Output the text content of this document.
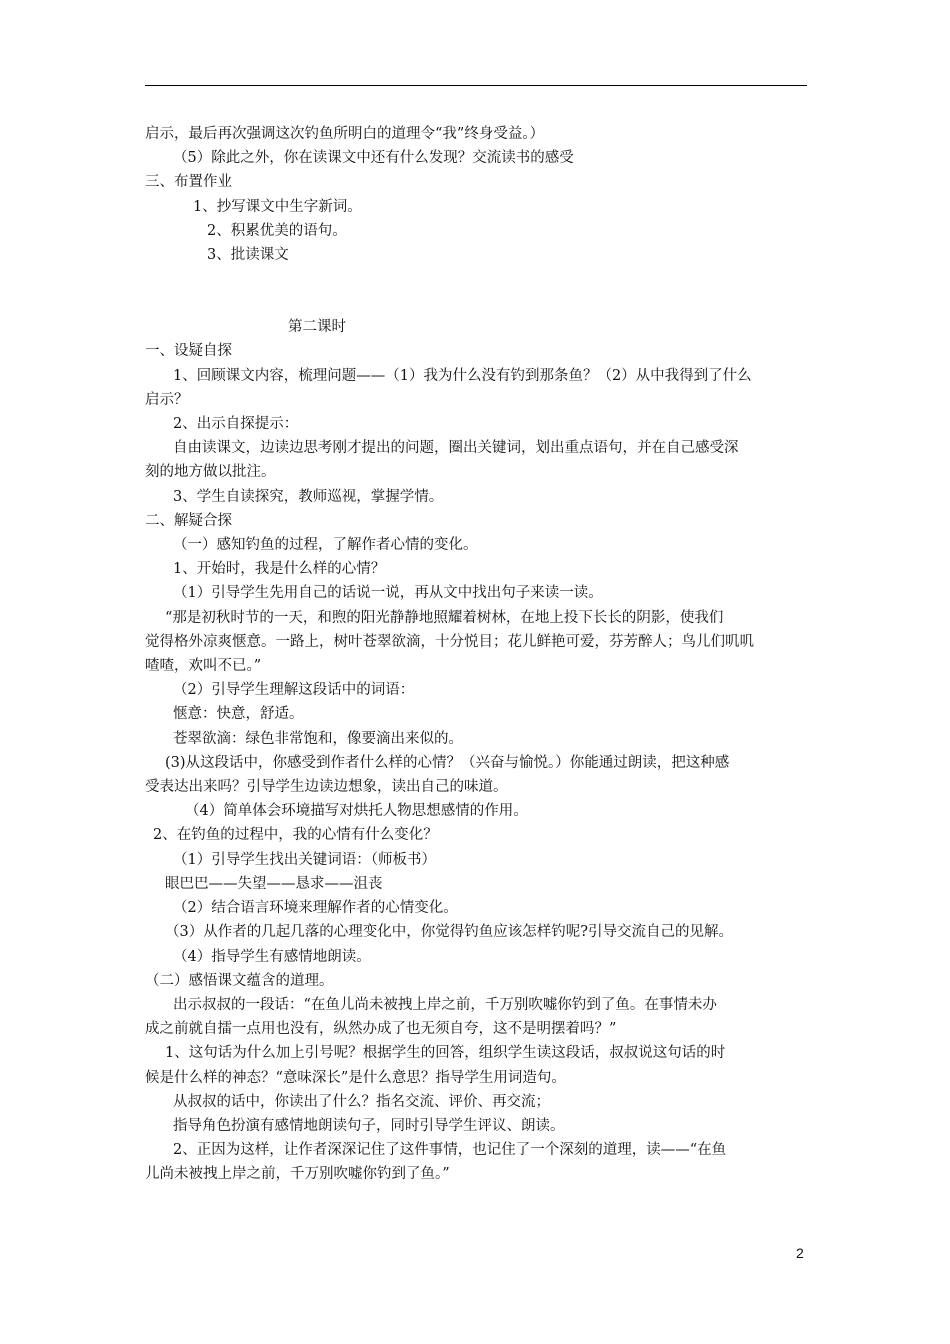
启示，最后再次强调这次钓鱼所明白的道理令“我”终身受益。）
（5）除此之外，你在读课文中还有什么发现？交流读书的感受
三、布置作业
1、抄写课文中生字新词。
2、积累优美的语句。
3、批读课文
第二课时
一、设疑自探
1、回顾课文内容，梳理问题——（1）我为什么没有钓到那条鱼？（2）从中我得到了什么
启示？
2、出示自探提示：
自由读课文，边读边思考刚才提出的问题，圈出关键词，划出重点语句，并在自己感受深
刻的地方做以批注。
3、学生自读探究，教师巡视，掌握学情。
二、解疑合探
（一）感知钓鱼的过程，了解作者心情的变化。
1、开始时，我是什么样的心情？
（1）引导学生先用自己的话说一说，再从文中找出句子来读一读。
“那是初秋时节的一天，和煦的阳光静静地照耀着树林，在地上投下长长的阴影，使我们
觉得格外凉爽惬意。一路上，树叶苍翠欲滴，十分悦目；花儿鲜艳可爱，芬芳醉人；鸟儿们叽叽
喳喳，欢叫不已。”
（2）引导学生理解这段话中的词语：
惬意：快意，舒适。
苍翠欲滴：绿色非常饱和，像要滴出来似的。
(3)从这段话中，你感受到作者什么样的心情？（兴奋与愉悦。）你能通过朗读，把这种感
受表达出来吗？引导学生边读边想象，读出自己的味道。
（4）简单体会环境描写对烘托人物思想感情的作用。
2、在钓鱼的过程中，我的心情有什么变化？
（1）引导学生找出关键词语：（师板书）
眼巴巴——失望——恳求——沮丧
（2）结合语言环境来理解作者的心情变化。
（3）从作者的几起几落的心理变化中，你觉得钓鱼应该怎样钓呢?引导交流自己的见解。
（4）指导学生有感情地朗读。
（二）感悟课文蕴含的道理。
出示叔叔的一段话：“在鱼儿尚未被拽上岸之前，千万别吹嘘你钓到了鱼。在事情未办
成之前就自擂一点用也没有，纵然办成了也无须自夸，这不是明摆着吗？”
1、这句话为什么加上引号呢？根据学生的回答，组织学生读这段话，叔叔说这句话的时
候是什么样的神态？“意味深长”是什么意思？指导学生用词造句。
从叔叔的话中，你读出了什么？指名交流、评价、再交流；
指导角色扮演有感情地朗读句子，同时引导学生评议、朗读。
2、正因为这样，让作者深深记住了这件事情，也记住了一个深刻的道理，读——“在鱼
儿尚未被拽上岸之前，千万别吹嘘你钓到了鱼。”
2
